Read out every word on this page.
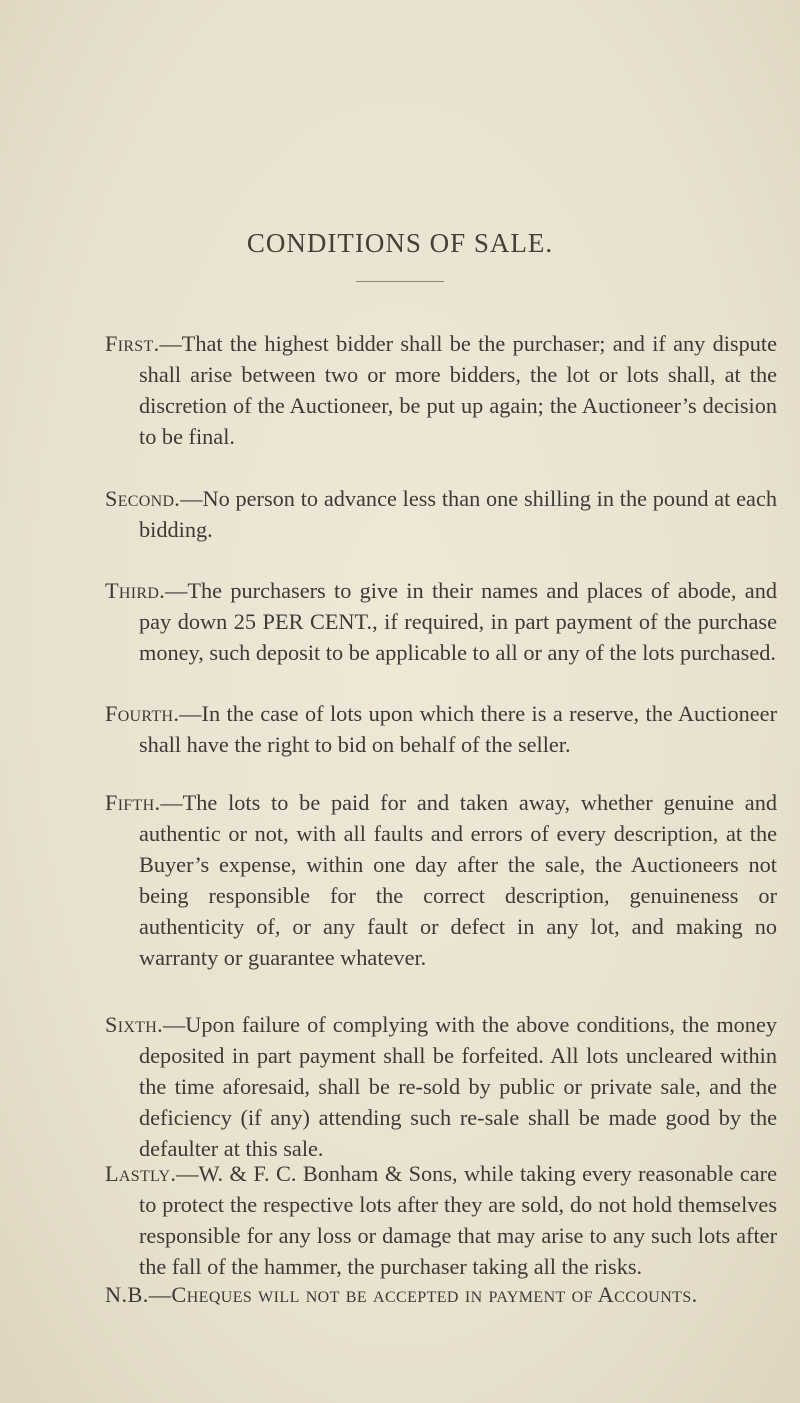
CONDITIONS OF SALE.

First.—That the highest bidder shall be the purchaser; and if any dispute shall arise between two or more bidders, the lot or lots shall, at the discretion of the Auctioneer, be put up again; the Auctioneer’s decision to be final.

Second.—No person to advance less than one shilling in the pound at each bidding.

Third.—The purchasers to give in their names and places of abode, and pay down 25 PER CENT., if required, in part payment of the purchase money, such deposit to be applicable to all or any of the lots purchased.

Fourth.—In the case of lots upon which there is a reserve, the Auctioneer shall have the right to bid on behalf of the seller.

Fifth.—The lots to be paid for and taken away, whether genuine and authentic or not, with all faults and errors of every description, at the Buyer’s expense, within one day after the sale, the Auctioneers not being responsible for the correct description, genuineness or authenticity of, or any fault or defect in any lot, and making no warranty or guarantee whatever.

Sixth.—Upon failure of complying with the above conditions, the money deposited in part payment shall be forfeited. All lots uncleared within the time aforesaid, shall be re-sold by public or private sale, and the deficiency (if any) attending such re-sale shall be made good by the defaulter at this sale.

Lastly.—W. & F. C. Bonham & Sons, while taking every reasonable care to protect the respective lots after they are sold, do not hold themselves responsible for any loss or damage that may arise to any such lots after the fall of the hammer, the purchaser taking all the risks.

N.B.—Cheques will not be accepted in payment of Accounts.
